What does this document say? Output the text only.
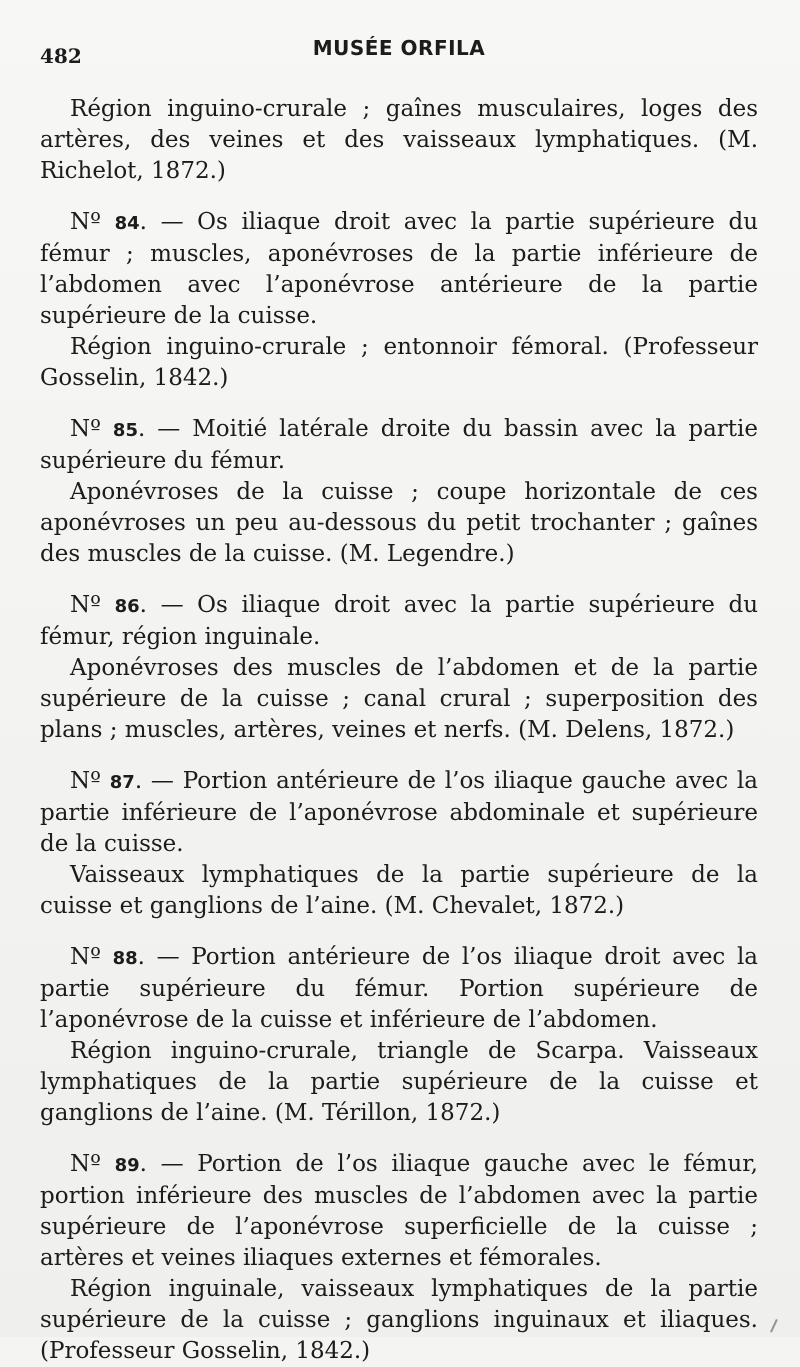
482	MUSÉE ORFILA

Région inguino-crurale ; gaînes musculaires, loges des artères, des veines et des vaisseaux lymphatiques. (M. Richelot, 1872.)

Nº 84. — Os iliaque droit avec la partie supérieure du fémur ; muscles, aponévroses de la partie inférieure de l’abdomen avec l’aponévrose antérieure de la partie supérieure de la cuisse.

Région inguino-crurale ; entonnoir fémoral. (Professeur Gosselin, 1842.)

Nº 85. — Moitié latérale droite du bassin avec la partie supérieure du fémur.

Aponévroses de la cuisse ; coupe horizontale de ces aponévroses un peu au-dessous du petit trochanter ; gaînes des muscles de la cuisse. (M. Legendre.)

Nº 86. — Os iliaque droit avec la partie supérieure du fémur, région inguinale.

Aponévroses des muscles de l’abdomen et de la partie supérieure de la cuisse ; canal crural ; superposition des plans ; muscles, artères, veines et nerfs. (M. Delens, 1872.)

Nº 87. — Portion antérieure de l’os iliaque gauche avec la partie inférieure de l’aponévrose abdominale et supérieure de la cuisse.

Vaisseaux lymphatiques de la partie supérieure de la cuisse et ganglions de l’aine. (M. Chevalet, 1872.)

Nº 88. — Portion antérieure de l’os iliaque droit avec la partie supérieure du fémur. Portion supérieure de l’aponévrose de la cuisse et inférieure de l’abdomen.

Région inguino-crurale, triangle de Scarpa. Vaisseaux lymphatiques de la partie supérieure de la cuisse et ganglions de l’aine. (M. Térillon, 1872.)

Nº 89. — Portion de l’os iliaque gauche avec le fémur, portion inférieure des muscles de l’abdomen avec la partie supérieure de l’aponévrose superficielle de la cuisse ; artères et veines iliaques externes et fémorales.

Région inguinale, vaisseaux lymphatiques de la partie supérieure de la cuisse ; ganglions inguinaux et iliaques. (Professeur Gosselin, 1842.)
